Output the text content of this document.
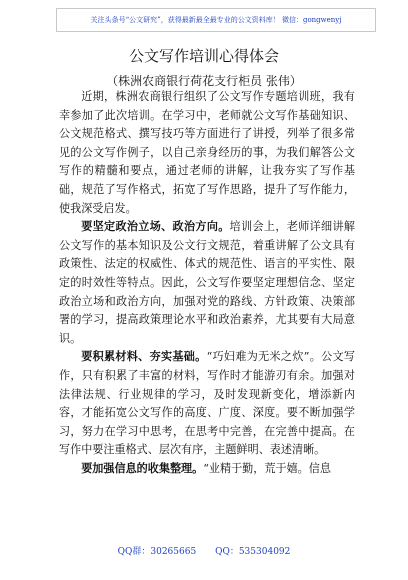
关注头条号“公文研究”，获得最新最全最专业的公文资料库！ 微信：gongwenyj
公文写作培训心得体会
（株洲农商银行荷花支行柜员 张伟）

近期，株洲农商银行组织了公文写作专题培训班，我有幸参加了此次培训。在学习中，老师就公文写作基础知识、公文规范格式、撰写技巧等方面进行了讲授，列举了很多常见的公文写作例子，以自己亲身经历的事，为我们解答公文写作的精髓和要点，通过老师的讲解，让我夯实了写作基础，规范了写作格式，拓宽了写作思路，提升了写作能力，使我深受启发。

要坚定政治立场、政治方向。培训会上，老师详细讲解公文写作的基本知识及公文行文规范，着重讲解了公文具有政策性、法定的权威性、体式的规范性、语言的平实性、限定的时效性等特点。因此，公文写作要坚定理想信念、坚定政治立场和政治方向，加强对党的路线、方针政策、决策部署的学习，提高政策理论水平和政治素养，尤其要有大局意识。

要积累材料、夯实基础。“巧妇难为无米之炊”。公文写作，只有积累了丰富的材料，写作时才能游刃有余。加强对法律法规、行业规律的学习，及时发现新变化，增添新内容，才能拓宽公文写作的高度、广度、深度。要不断加强学习，努力在学习中思考，在思考中完善，在完善中提高。在写作中要注重格式、层次有序，主题鲜明、表述清晰。

要加强信息的收集整理。“业精于勤，荒于嬉。信息

QQ群：30265665 QQ：535304092
